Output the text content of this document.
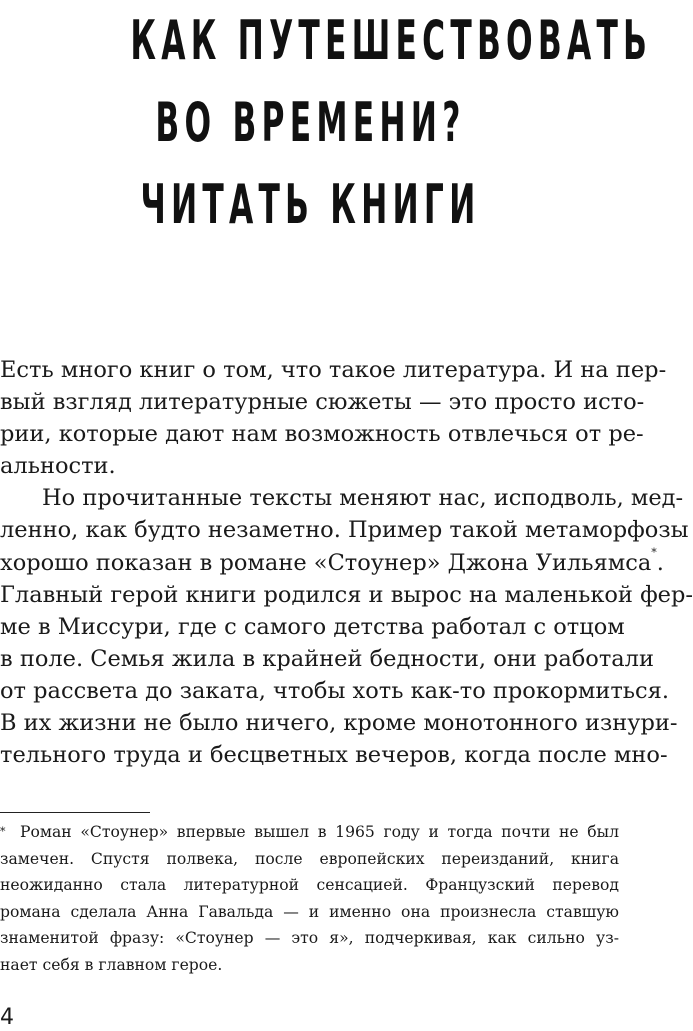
КАК ПУТЕШЕСТВОВАТЬ
ВО ВРЕМЕНИ?
ЧИТАТЬ КНИГИ
Есть много книг о том, что такое литература. И на пер-
вый взгляд литературные сюжеты — это просто исто-
рии, которые дают нам возможность отвлечься от ре-
альности.
Но прочитанные тексты меняют нас, исподволь, мед-
ленно, как будто незаметно. Пример такой метаморфозы
хорошо показан в романе «Стоунер» Джона Уильямса*.
Главный герой книги родился и вырос на маленькой фер-
ме в Миссури, где с самого детства работал с отцом
в поле. Семья жила в крайней бедности, они работали
от рассвета до заката, чтобы хоть как-то прокормиться.
В их жизни не было ничего, кроме монотонного изнури-
тельного труда и бесцветных вечеров, когда после мно-
* Роман «Стоунер» впервые вышел в 1965 году и тогда почти не был
замечен. Спустя полвека, после европейских переизданий, книга
неожиданно стала литературной сенсацией. Французский перевод
романа сделала Анна Гавальда — и именно она произнесла ставшую
знаменитой фразу: «Стоунер — это я», подчеркивая, как сильно уз-
нает себя в главном герое.
4
